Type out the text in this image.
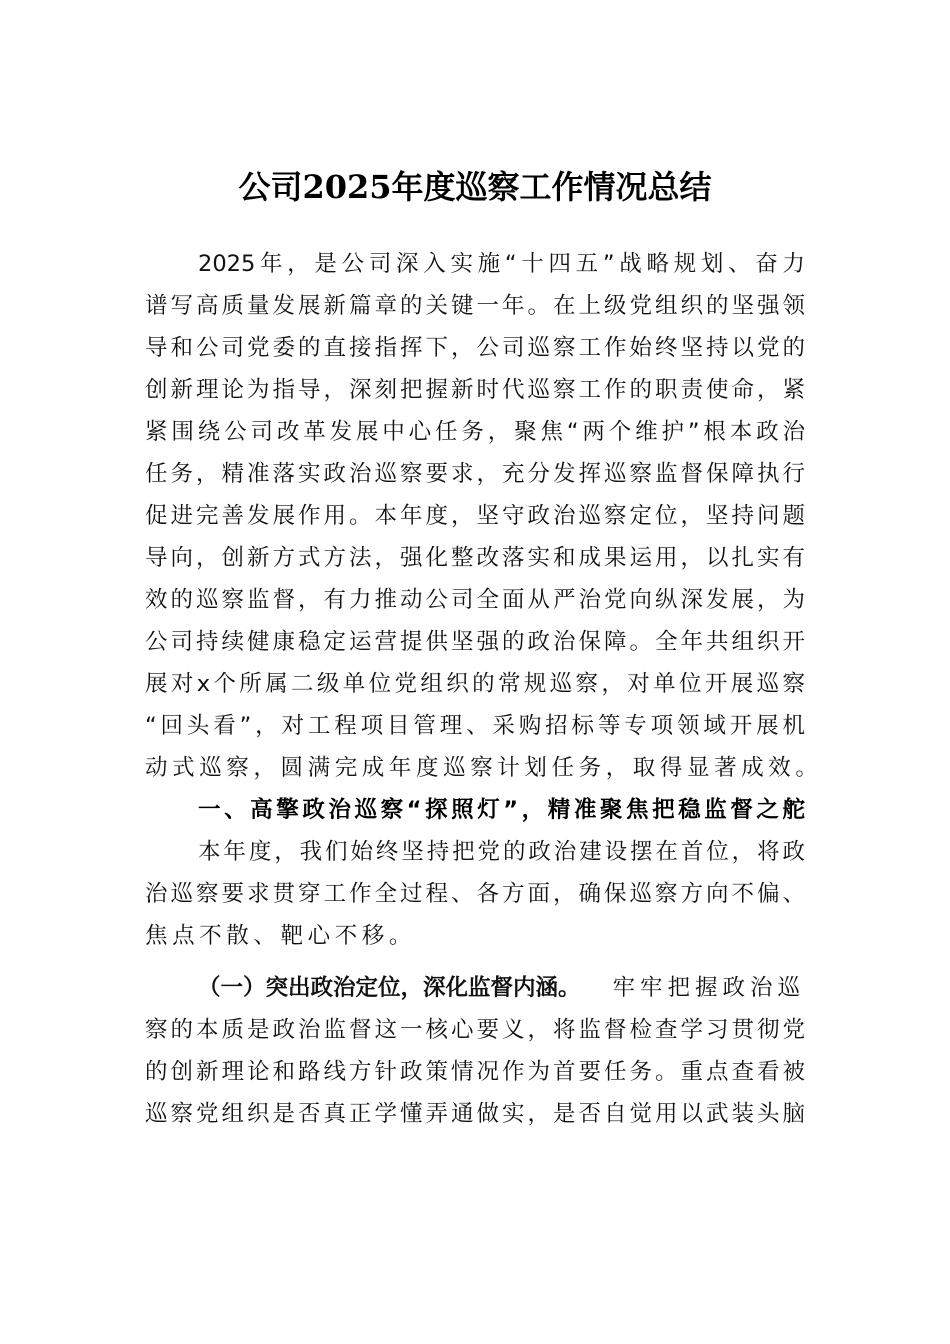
公司2025年度巡察工作情况总结
2025年，是公司深入实施“十四五”战略规划、奋力
谱写高质量发展新篇章的关键一年。在上级党组织的坚强领
导和公司党委的直接指挥下，公司巡察工作始终坚持以党的
创新理论为指导，深刻把握新时代巡察工作的职责使命，紧
紧围绕公司改革发展中心任务，聚焦“两个维护”根本政治
任务，精准落实政治巡察要求，充分发挥巡察监督保障执行
促进完善发展作用。本年度，坚守政治巡察定位，坚持问题
导向，创新方式方法，强化整改落实和成果运用，以扎实有
效的巡察监督，有力推动公司全面从严治党向纵深发展，为
公司持续健康稳定运营提供坚强的政治保障。全年共组织开
展对x个所属二级单位党组织的常规巡察，对单位开展巡察
“回头看”，对工程项目管理、采购招标等专项领域开展机
动式巡察，圆满完成年度巡察计划任务，取得显著成效。
一、高擎政治巡察“探照灯”，精准聚焦把稳监督之舵
本年度，我们始终坚持把党的政治建设摆在首位，将政
治巡察要求贯穿工作全过程、各方面，确保巡察方向不偏、
焦点不散、靶心不移。
（一）突出政治定位，深化监督内涵。 牢牢把握政治巡
察的本质是政治监督这一核心要义，将监督检查学习贯彻党
的创新理论和路线方针政策情况作为首要任务。重点查看被
巡察党组织是否真正学懂弄通做实，是否自觉用以武装头脑
